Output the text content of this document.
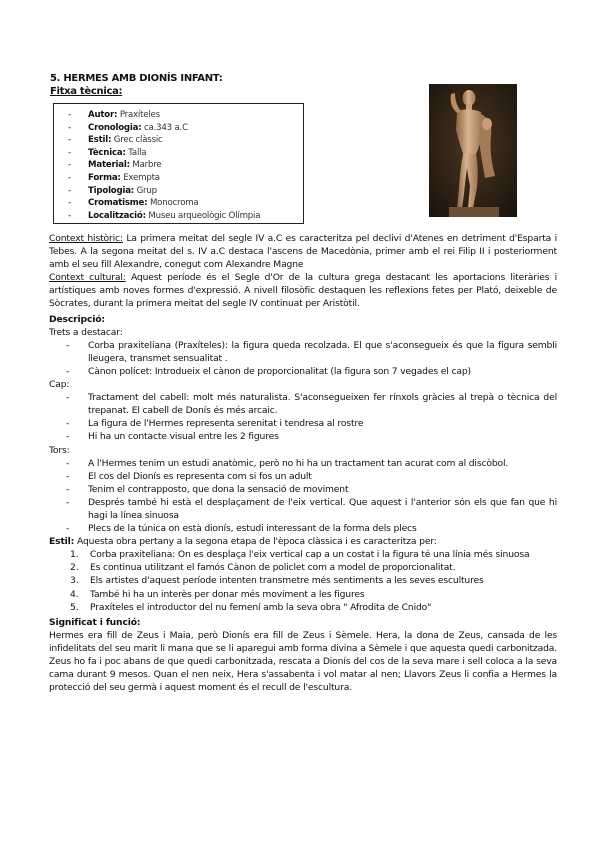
5. HERMES AMB DIONÍS INFANT:
Fitxa tècnica:
- Autor: Praxíteles
- Cronologia: ca.343 a.C
- Estil: Grec clàssic
- Tècnica: Talla
- Material: Marbre
- Forma: Exempta
- Tipologia: Grup
- Cromatisme: Monocroma
- Localització: Museu arqueològic Olímpia

Context històric: La primera meitat del segle IV a.C es caracteritza pel declivi d'Atenes en detriment d'Esparta i Tebes. A la segona meitat del s. IV a.C destaca l'ascens de Macedònia, primer amb el rei Filip II i posteriorment amb el seu fill Alexandre, conegut com Alexandre Magne

Context cultural: Aquest període és el Segle d'Or de la cultura grega destacant les aportacions literàries i artístiques amb noves formes d'expressió. A nivell filosòfic destaquen les reflexions fetes per Plató, deixeble de Sòcrates, durant la primera meitat del segle IV continuat per Aristòtil.

Descripció:
Trets a destacar:
- Corba praxiteliana (Praxíteles): la figura queda recolzada. El que s'aconsegueix és que la figura sembli lleugera, transmet sensualitat .
- Cànon polícet: Introdueix el cànon de proporcionalitat (la figura son 7 vegades el cap)
Cap:
- Tractament del cabell: molt més naturalista. S'aconsegueixen fer rínxols gràcies al trepà o tècnica del trepanat. El cabell de Donís és més arcaic.
- La figura de l'Hermes representa serenitat i tendresa al rostre
- Hi ha un contacte visual entre les 2 figures
Tors:
- A l'Hermes tenim un estudi anatòmic, però no hi ha un tractament tan acurat com al discòbol.
- El cos del Dionís es representa com si fos un adult
- Tenim el contrapposto, que dona la sensació de moviment
- Després també hi està el desplaçament de l'eix vertical. Que aquest i l'anterior són els que fan que hi hagi la línea sinuosa
- Plecs de la túnica on està dionís, estudi interessant de la forma dels plecs

Estil: Aquesta obra pertany a la segona etapa de l'època clàssica i es caracteritza per:

1. Corba praxiteliana: On es desplaça l'eix vertical cap a un costat i la figura té una línia més sinuosa
2. Es continua utilitzant el famós Cànon de policlet com a model de proporcionalitat.
3. Els artistes d'aquest període intenten transmetre més sentiments a les seves escultures
4. També hi ha un interès per donar més moviment a les figures
5. Praxíteles el introductor del nu femení amb la seva obra " Afrodita de Cnido"
Significat i funció:

Hermes era fill de Zeus i Maia, però Dionís era fill de Zeus i Sèmele. Hera, la dona de Zeus, cansada de les infidelitats del seu marit li mana que se li aparegui amb forma divina a Sèmele i que aquesta quedi carbonitzada. Zeus ho fa i poc abans de que quedi carbonitzada, rescata a Dionís del cos de la seva mare i sell coloca a la seva cama durant 9 mesos. Quan el nen neix, Hera s'assabenta i vol matar al nen; Llavors Zeus li confia a Hermes la protecció del seu germà i aquest moment és el recull de l'escultura.
